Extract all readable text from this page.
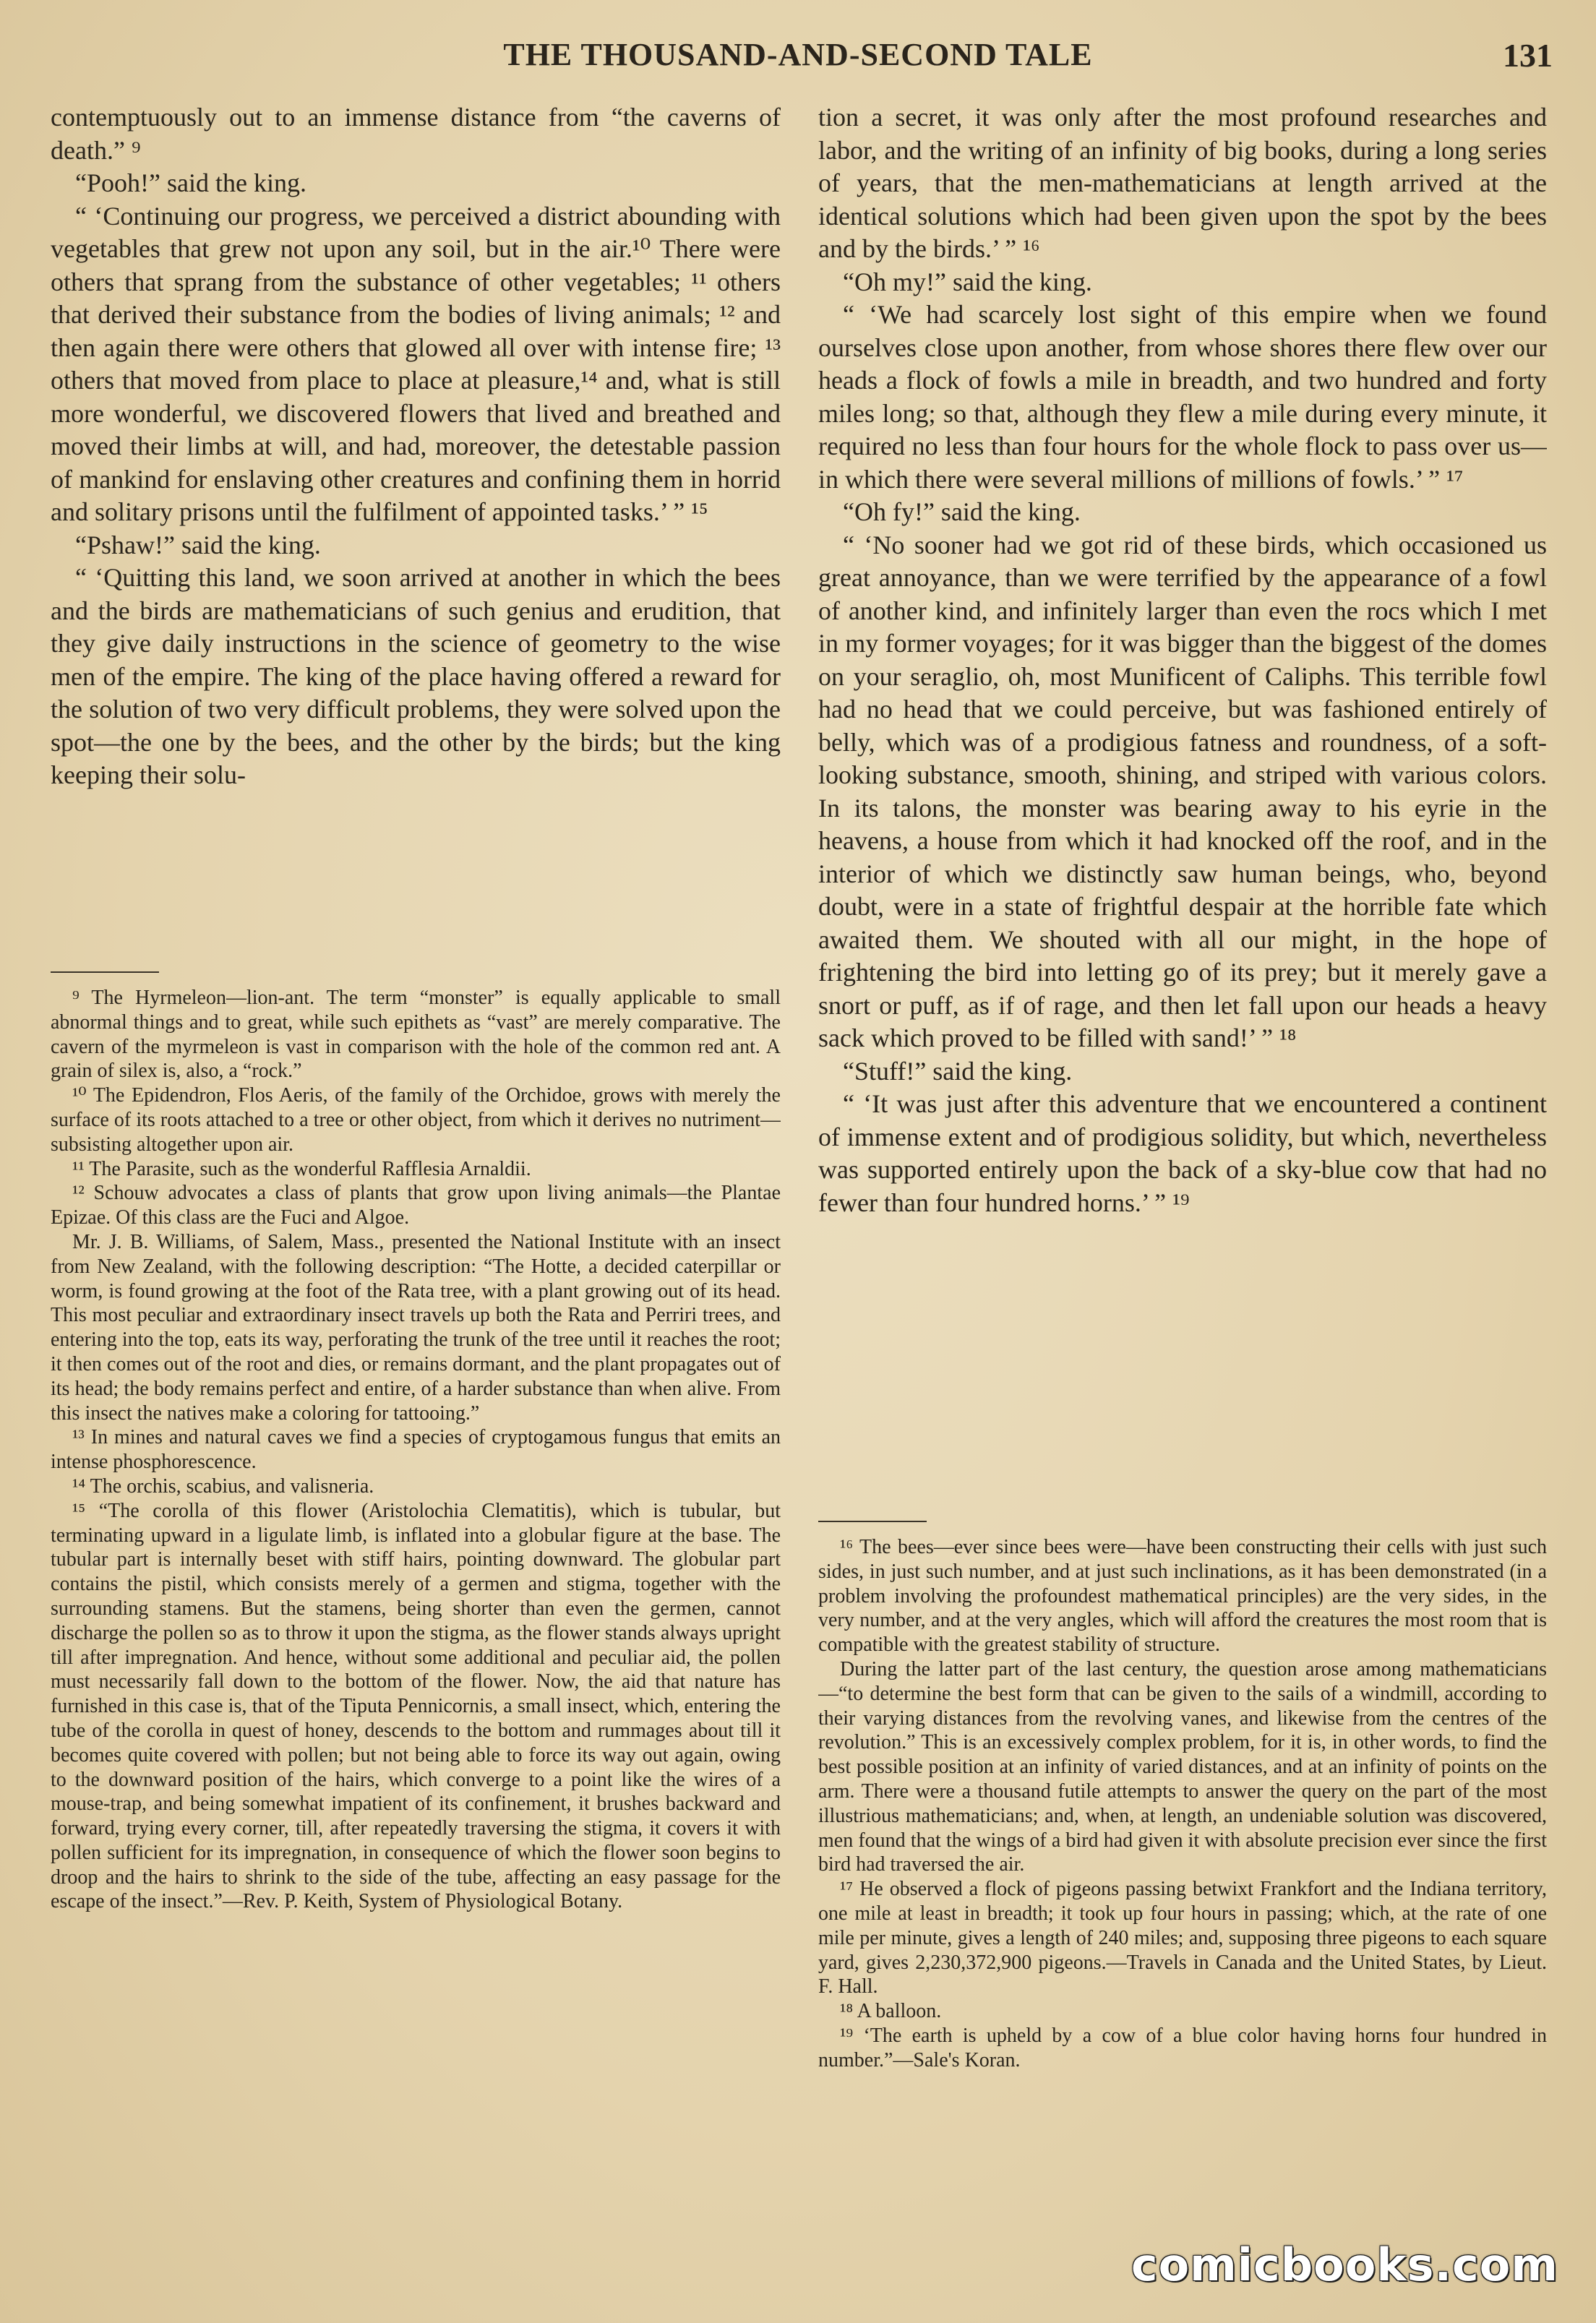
THE THOUSAND-AND-SECOND TALE	131

contemptuously out to an immense distance from “the caverns of death.” ⁹

“Pooh!” said the king.

“ ‘Continuing our progress, we perceived a district abounding with vegetables that grew not upon any soil, but in the air.¹⁰ There were others that sprang from the substance of other vegetables; ¹¹ others that derived their substance from the bodies of living animals; ¹² and then again there were others that glowed all over with intense fire; ¹³ others that moved from place to place at pleasure,¹⁴ and, what is still more wonderful, we discovered flowers that lived and breathed and moved their limbs at will, and had, moreover, the detestable passion of mankind for enslaving other creatures and confining them in horrid and solitary prisons until the fulfilment of appointed tasks.’ ” ¹⁵

“Pshaw!” said the king.

“ ‘Quitting this land, we soon arrived at another in which the bees and the birds are mathematicians of such genius and erudition, that they give daily instructions in the science of geometry to the wise men of the empire. The king of the place having offered a reward for the solution of two very difficult problems, they were solved upon the spot—the one by the bees, and the other by the birds; but the king keeping their solu-

⁹ The Hyrmeleon—lion-ant. The term “monster” is equally applicable to small abnormal things and to great, while such epithets as “vast” are merely comparative. The cavern of the myrmeleon is vast in comparison with the hole of the common red ant. A grain of silex is, also, a “rock.”

¹⁰ The Epidendron, Flos Aeris, of the family of the Orchidoe, grows with merely the surface of its roots attached to a tree or other object, from which it derives no nutriment—subsisting altogether upon air.

¹¹ The Parasite, such as the wonderful Rafflesia Arnaldii.

¹² Schouw advocates a class of plants that grow upon living animals—the Plantae Epizae. Of this class are the Fuci and Algoe.

Mr. J. B. Williams, of Salem, Mass., presented the National Institute with an insect from New Zealand, with the following description: “The Hotte, a decided caterpillar or worm, is found growing at the foot of the Rata tree, with a plant growing out of its head. This most peculiar and extraordinary insect travels up both the Rata and Perriri trees, and entering into the top, eats its way, perforating the trunk of the tree until it reaches the root; it then comes out of the root and dies, or remains dormant, and the plant propagates out of its head; the body remains perfect and entire, of a harder substance than when alive. From this insect the natives make a coloring for tattooing.”

¹³ In mines and natural caves we find a species of cryptogamous fungus that emits an intense phosphorescence.

¹⁴ The orchis, scabius, and valisneria.

¹⁵ “The corolla of this flower (Aristolochia Clematitis), which is tubular, but terminating upward in a ligulate limb, is inflated into a globular figure at the base. The tubular part is internally beset with stiff hairs, pointing downward. The globular part contains the pistil, which consists merely of a germen and stigma, together with the surrounding stamens. But the stamens, being shorter than even the germen, cannot discharge the pollen so as to throw it upon the stigma, as the flower stands always upright till after impregnation. And hence, without some additional and peculiar aid, the pollen must necessarily fall down to the bottom of the flower. Now, the aid that nature has furnished in this case is, that of the Tiputa Pennicornis, a small insect, which, entering the tube of the corolla in quest of honey, descends to the bottom and rummages about till it becomes quite covered with pollen; but not being able to force its way out again, owing to the downward position of the hairs, which converge to a point like the wires of a mouse-trap, and being somewhat impatient of its confinement, it brushes backward and forward, trying every corner, till, after repeatedly traversing the stigma, it covers it with pollen sufficient for its impregnation, in consequence of which the flower soon begins to droop and the hairs to shrink to the side of the tube, affecting an easy passage for the escape of the insect.”—Rev. P. Keith, System of Physiological Botany.

tion a secret, it was only after the most profound researches and labor, and the writing of an infinity of big books, during a long series of years, that the men-mathematicians at length arrived at the identical solutions which had been given upon the spot by the bees and by the birds.’ ” ¹⁶

“Oh my!” said the king.

“ ‘We had scarcely lost sight of this empire when we found ourselves close upon another, from whose shores there flew over our heads a flock of fowls a mile in breadth, and two hundred and forty miles long; so that, although they flew a mile during every minute, it required no less than four hours for the whole flock to pass over us—in which there were several millions of millions of fowls.’ ” ¹⁷

“Oh fy!” said the king.

“ ‘No sooner had we got rid of these birds, which occasioned us great annoyance, than we were terrified by the appearance of a fowl of another kind, and infinitely larger than even the rocs which I met in my former voyages; for it was bigger than the biggest of the domes on your seraglio, oh, most Munificent of Caliphs. This terrible fowl had no head that we could perceive, but was fashioned entirely of belly, which was of a prodigious fatness and roundness, of a soft-looking substance, smooth, shining, and striped with various colors. In its talons, the monster was bearing away to his eyrie in the heavens, a house from which it had knocked off the roof, and in the interior of which we distinctly saw human beings, who, beyond doubt, were in a state of frightful despair at the horrible fate which awaited them. We shouted with all our might, in the hope of frightening the bird into letting go of its prey; but it merely gave a snort or puff, as if of rage, and then let fall upon our heads a heavy sack which proved to be filled with sand!’ ” ¹⁸

“Stuff!” said the king.

“ ‘It was just after this adventure that we encountered a continent of immense extent and of prodigious solidity, but which, nevertheless was supported entirely upon the back of a sky-blue cow that had no fewer than four hundred horns.’ ” ¹⁹

¹⁶ The bees—ever since bees were—have been constructing their cells with just such sides, in just such number, and at just such inclinations, as it has been demonstrated (in a problem involving the profoundest mathematical principles) are the very sides, in the very number, and at the very angles, which will afford the creatures the most room that is compatible with the greatest stability of structure.

During the latter part of the last century, the question arose among mathematicians—“to determine the best form that can be given to the sails of a windmill, according to their varying distances from the revolving vanes, and likewise from the centres of the revolution.” This is an excessively complex problem, for it is, in other words, to find the best possible position at an infinity of varied distances, and at an infinity of points on the arm. There were a thousand futile attempts to answer the query on the part of the most illustrious mathematicians; and, when, at length, an undeniable solution was discovered, men found that the wings of a bird had given it with absolute precision ever since the first bird had traversed the air.

¹⁷ He observed a flock of pigeons passing betwixt Frankfort and the Indiana territory, one mile at least in breadth; it took up four hours in passing; which, at the rate of one mile per minute, gives a length of 240 miles; and, supposing three pigeons to each square yard, gives 2,230,372,900 pigeons.—Travels in Canada and the United States, by Lieut. F. Hall.

¹⁸ A balloon.

¹⁹ ‘The earth is upheld by a cow of a blue color having horns four hundred in number.”—Sale's Koran.

comicbooks.com
